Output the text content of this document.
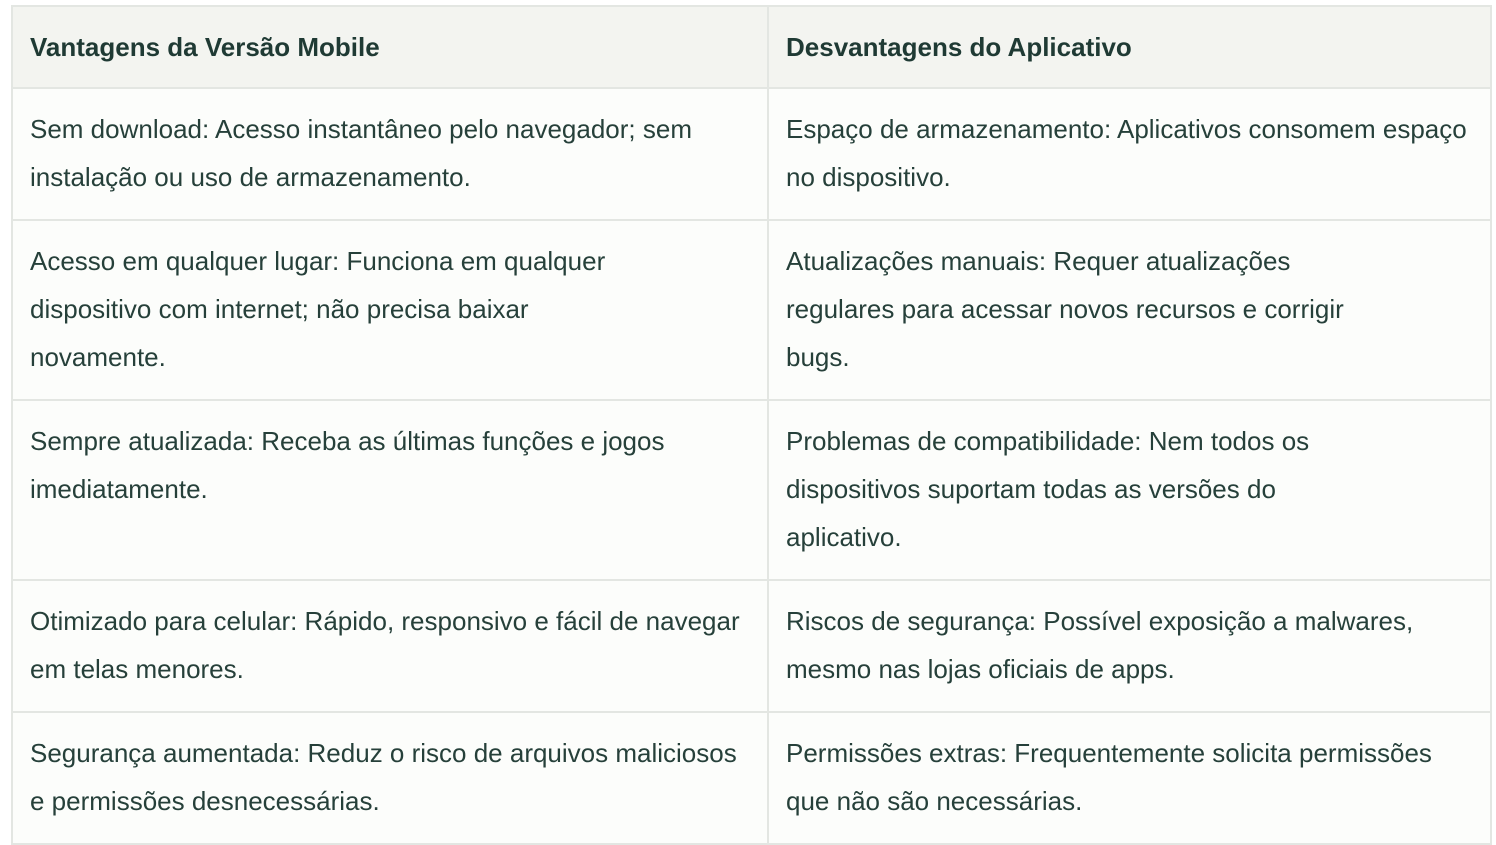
Vantagens da Versão Mobile	Desvantagens do Aplicativo
Sem download: Acesso instantâneo pelo navegador; sem instalação ou uso de armazenamento.	Espaço de armazenamento: Aplicativos consomem espaço no dispositivo.
Acesso em qualquer lugar: Funciona em qualquer dispositivo com internet; não precisa baixar novamente.	Atualizações manuais: Requer atualizações regulares para acessar novos recursos e corrigir bugs.
Sempre atualizada: Receba as últimas funções e jogos imediatamente.	Problemas de compatibilidade: Nem todos os dispositivos suportam todas as versões do aplicativo.
Otimizado para celular: Rápido, responsivo e fácil de navegar em telas menores.	Riscos de segurança: Possível exposição a malwares, mesmo nas lojas oficiais de apps.
Segurança aumentada: Reduz o risco de arquivos maliciosos e permissões desnecessárias.	Permissões extras: Frequentemente solicita permissões que não são necessárias.
